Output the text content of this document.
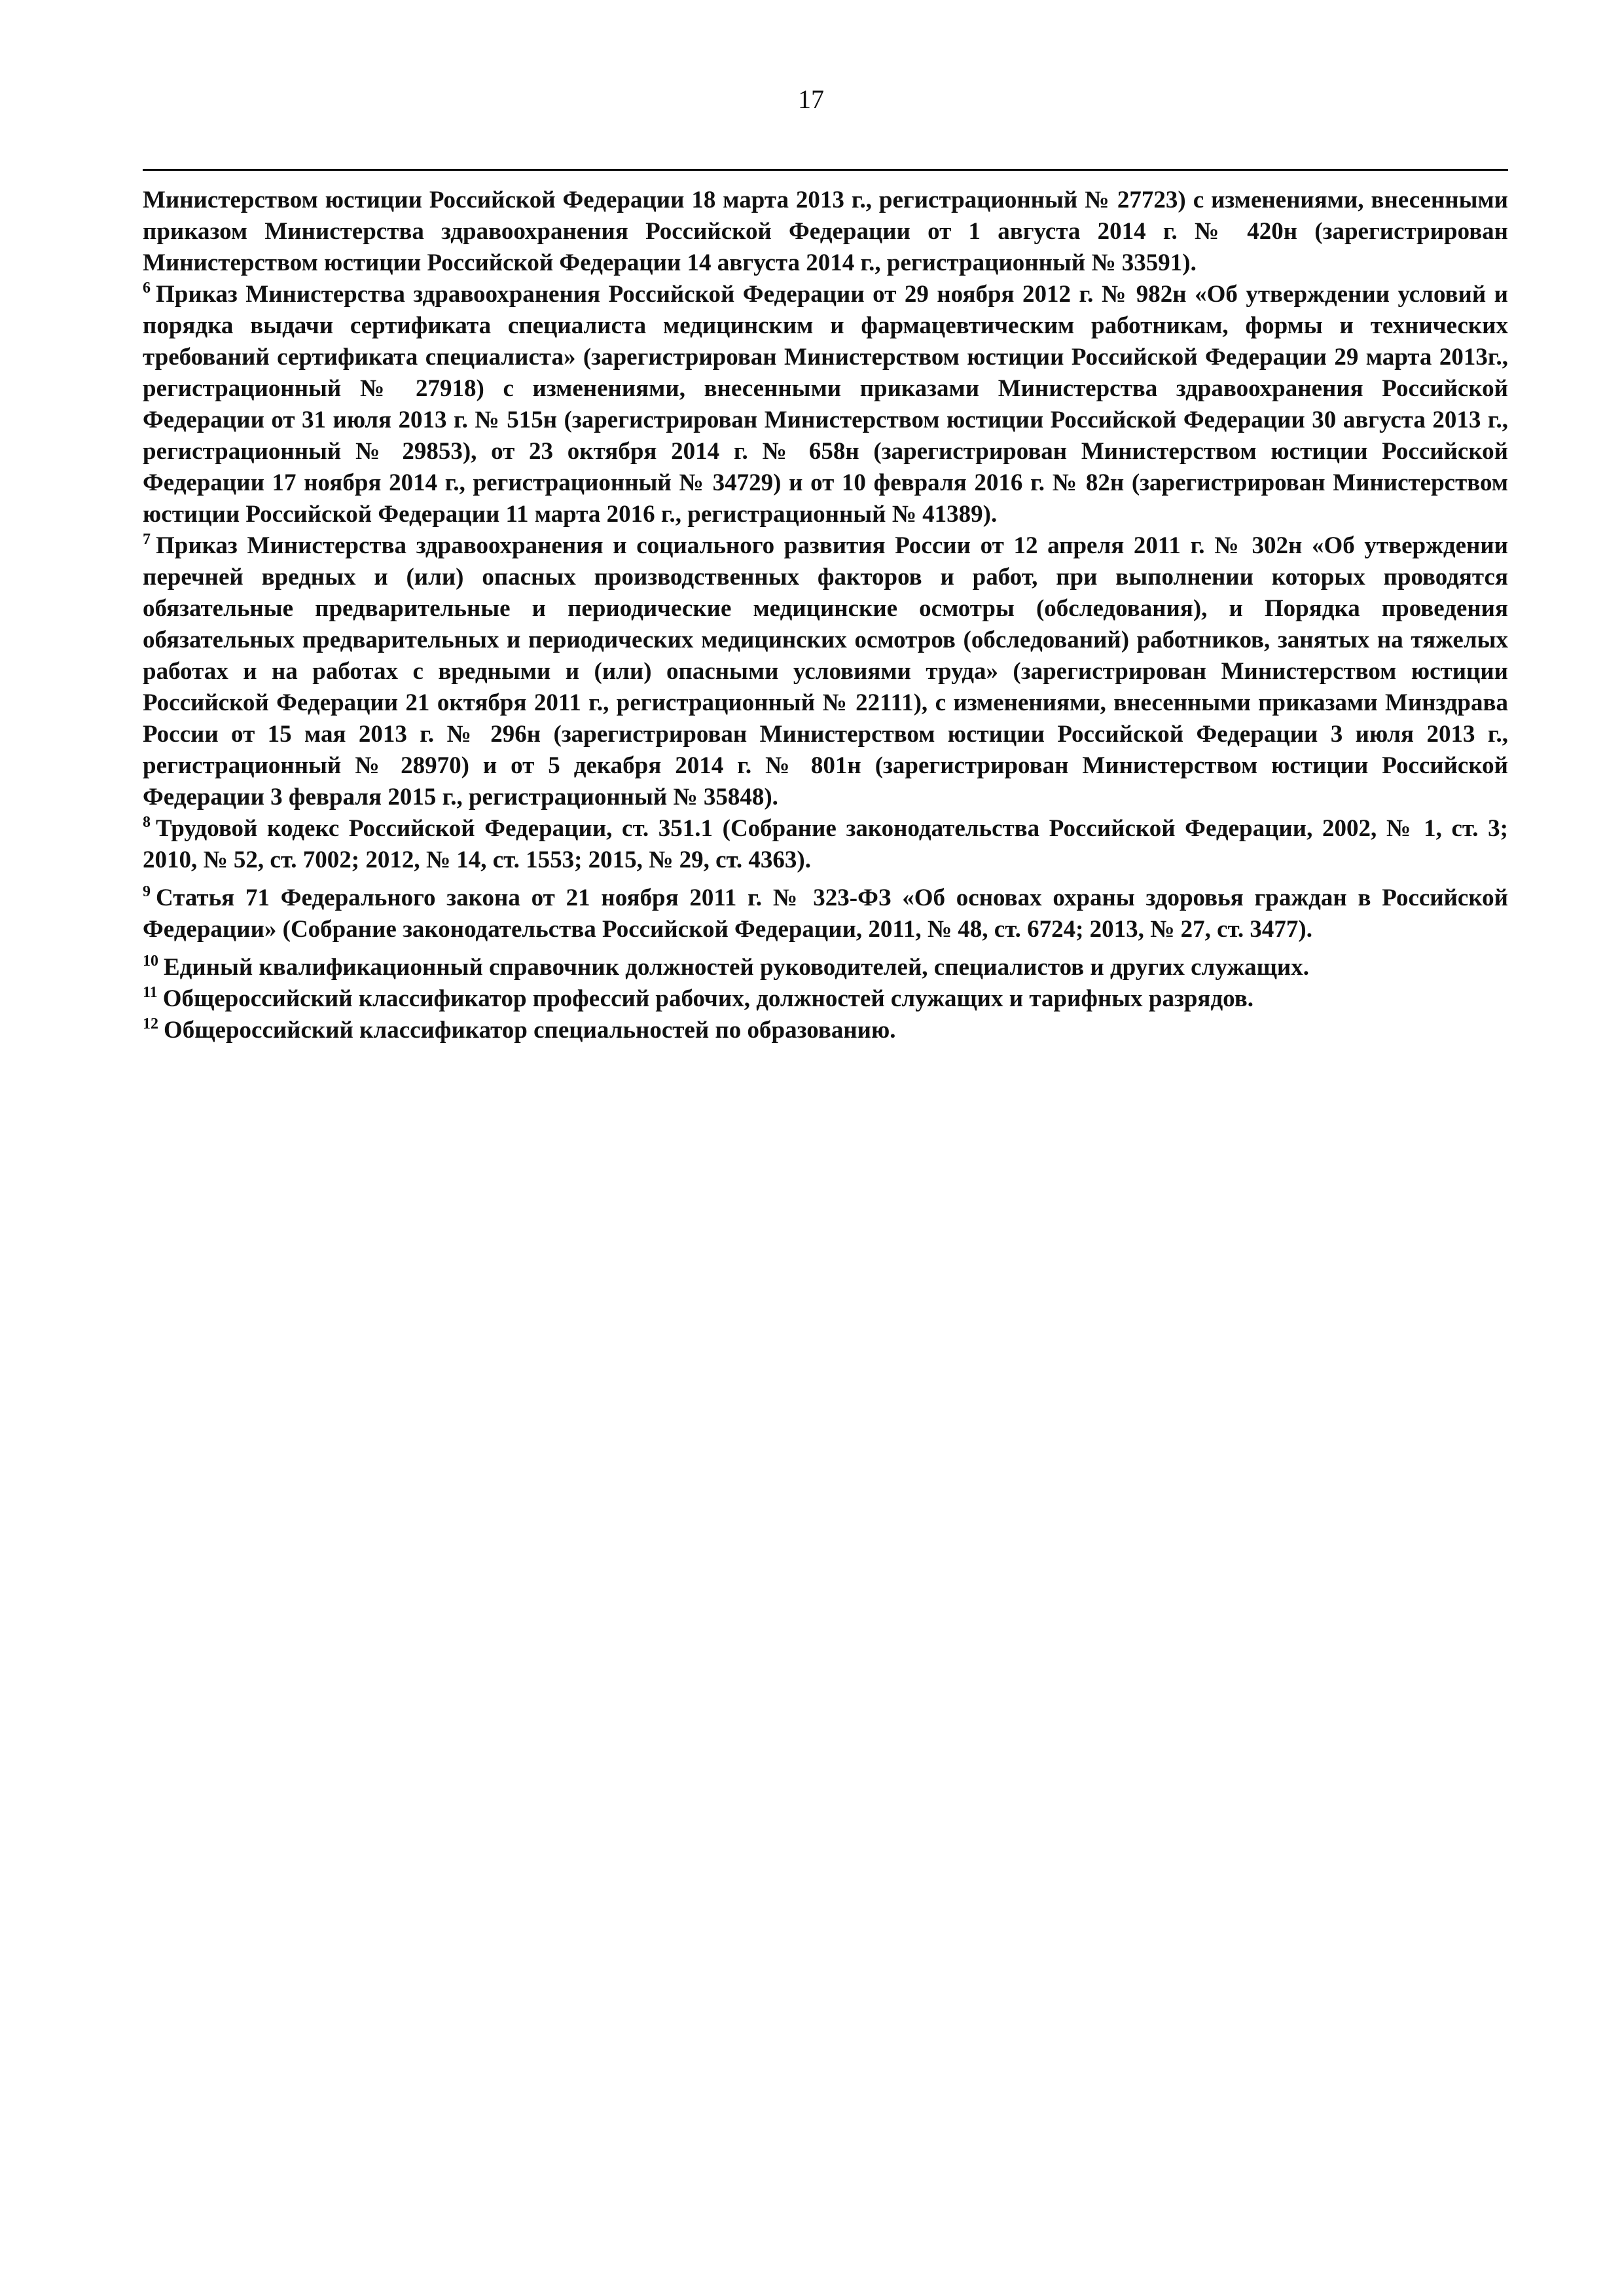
17

Министерством юстиции Российской Федерации 18 марта 2013 г., регистрационный № 27723) с изменениями, внесенными приказом Министерства здравоохранения Российской Федерации от 1 августа 2014 г. № 420н (зарегистрирован Министерством юстиции Российской Федерации 14 августа 2014 г., регистрационный № 33591).

$^6$ Приказ Министерства здравоохранения Российской Федерации от 29 ноября 2012 г. № 982н «Об утверждении условий и порядка выдачи сертификата специалиста медицинским и фармацевтическим работникам, формы и технических требований сертификата специалиста» (зарегистрирован Министерством юстиции Российской Федерации 29 марта 2013г., регистрационный № 27918) с изменениями, внесенными приказами Министерства здравоохранения Российской Федерации от 31 июля 2013 г. № 515н (зарегистрирован Министерством юстиции Российской Федерации 30 августа 2013 г., регистрационный № 29853), от 23 октября 2014 г. № 658н (зарегистрирован Министерством юстиции Российской Федерации 17 ноября 2014 г., регистрационный № 34729) и от 10 февраля 2016 г. № 82н (зарегистрирован Министерством юстиции Российской Федерации 11 марта 2016 г., регистрационный № 41389).

$^7$ Приказ Министерства здравоохранения и социального развития России от 12 апреля 2011 г. № 302н «Об утверждении перечней вредных и (или) опасных производственных факторов и работ, при выполнении которых проводятся обязательные предварительные и периодические медицинские осмотры (обследования), и Порядка проведения обязательных предварительных и периодических медицинских осмотров (обследований) работников, занятых на тяжелых работах и на работах с вредными и (или) опасными условиями труда» (зарегистрирован Министерством юстиции Российской Федерации 21 октября 2011 г., регистрационный № 22111), с изменениями, внесенными приказами Минздрава России от 15 мая 2013 г. № 296н (зарегистрирован Министерством юстиции Российской Федерации 3 июля 2013 г., регистрационный № 28970) и от 5 декабря 2014 г. № 801н (зарегистрирован Министерством юстиции Российской Федерации 3 февраля 2015 г., регистрационный № 35848).

$^8$ Трудовой кодекс Российской Федерации, ст. 351.1 (Собрание законодательства Российской Федерации, 2002, № 1, ст. 3; 2010, № 52, ст. 7002; 2012, № 14, ст. 1553; 2015, № 29, ст. 4363).

$^9$ Статья 71 Федерального закона от 21 ноября 2011 г. № 323-ФЗ «Об основах охраны здоровья граждан в Российской Федерации» (Собрание законодательства Российской Федерации, 2011, № 48, ст. 6724; 2013, № 27, ст. 3477).

$^{10}$ Единый квалификационный справочник должностей руководителей, специалистов и других служащих.

$^{11}$ Общероссийский классификатор профессий рабочих, должностей служащих и тарифных разрядов.

$^{12}$ Общероссийский классификатор специальностей по образованию.
